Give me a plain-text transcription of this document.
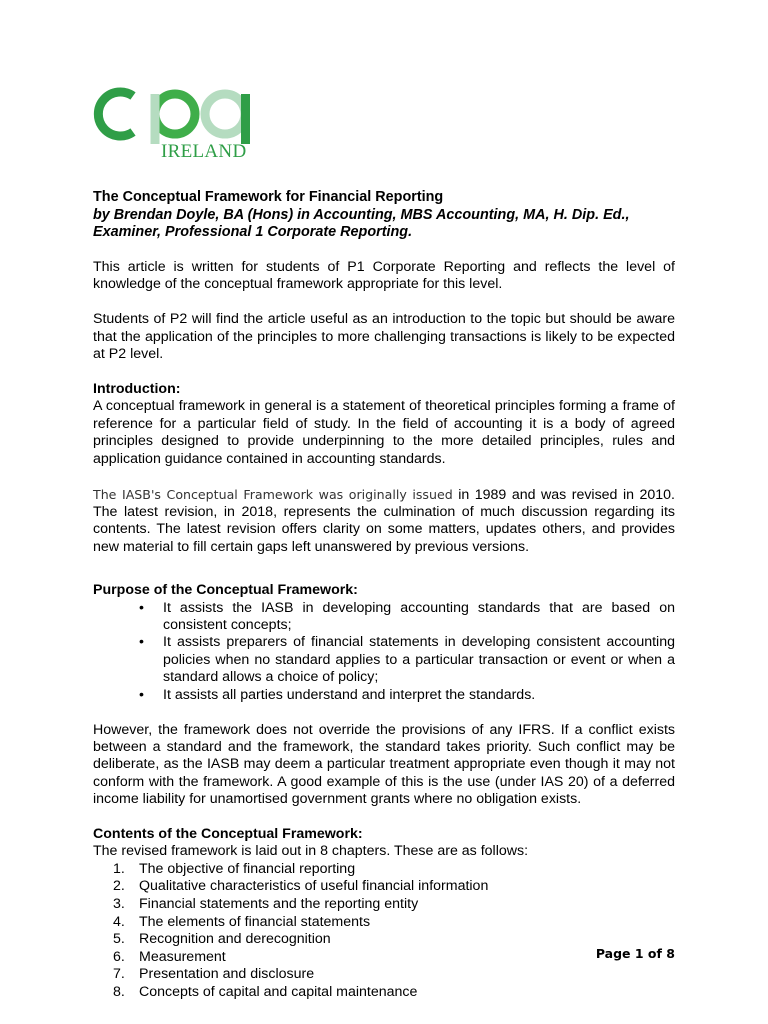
IRELAND
The Conceptual Framework for Financial Reporting
by Brendan Doyle, BA (Hons) in Accounting, MBS Accounting, MA, H. Dip. Ed.,
Examiner, Professional 1 Corporate Reporting.

This article is written for students of P1 Corporate Reporting and reflects the level of knowledge of the conceptual framework appropriate for this level.

Students of P2 will find the article useful as an introduction to the topic but should be aware that the application of the principles to more challenging transactions is likely to be expected at P2 level.

Introduction:

A conceptual framework in general is a statement of theoretical principles forming a frame of reference for a particular field of study. In the field of accounting it is a body of agreed principles designed to provide underpinning to the more detailed principles, rules and application guidance contained in accounting standards.

The IASB's Conceptual Framework was originally issued in 1989 and was revised in 2010. The latest revision, in 2018, represents the culmination of much discussion regarding its contents. The latest revision offers clarity on some matters, updates others, and provides new material to fill certain gaps left unanswered by previous versions.

Purpose of the Conceptual Framework:
• It assists the IASB in developing accounting standards that are based on consistent concepts;
• It assists preparers of financial statements in developing consistent accounting policies when no standard applies to a particular transaction or event or when a standard allows a choice of policy;
• It assists all parties understand and interpret the standards.

However, the framework does not override the provisions of any IFRS. If a conflict exists between a standard and the framework, the standard takes priority. Such conflict may be deliberate, as the IASB may deem a particular treatment appropriate even though it may not conform with the framework. A good example of this is the use (under IAS 20) of a deferred income liability for unamortised government grants where no obligation exists.

Contents of the Conceptual Framework:
The revised framework is laid out in 8 chapters. These are as follows:
1. The objective of financial reporting
2. Qualitative characteristics of useful financial information
3. Financial statements and the reporting entity
4. The elements of financial statements
5. Recognition and derecognition
6. Measurement
7. Presentation and disclosure
8. Concepts of capital and capital maintenance
Page 1 of 8
